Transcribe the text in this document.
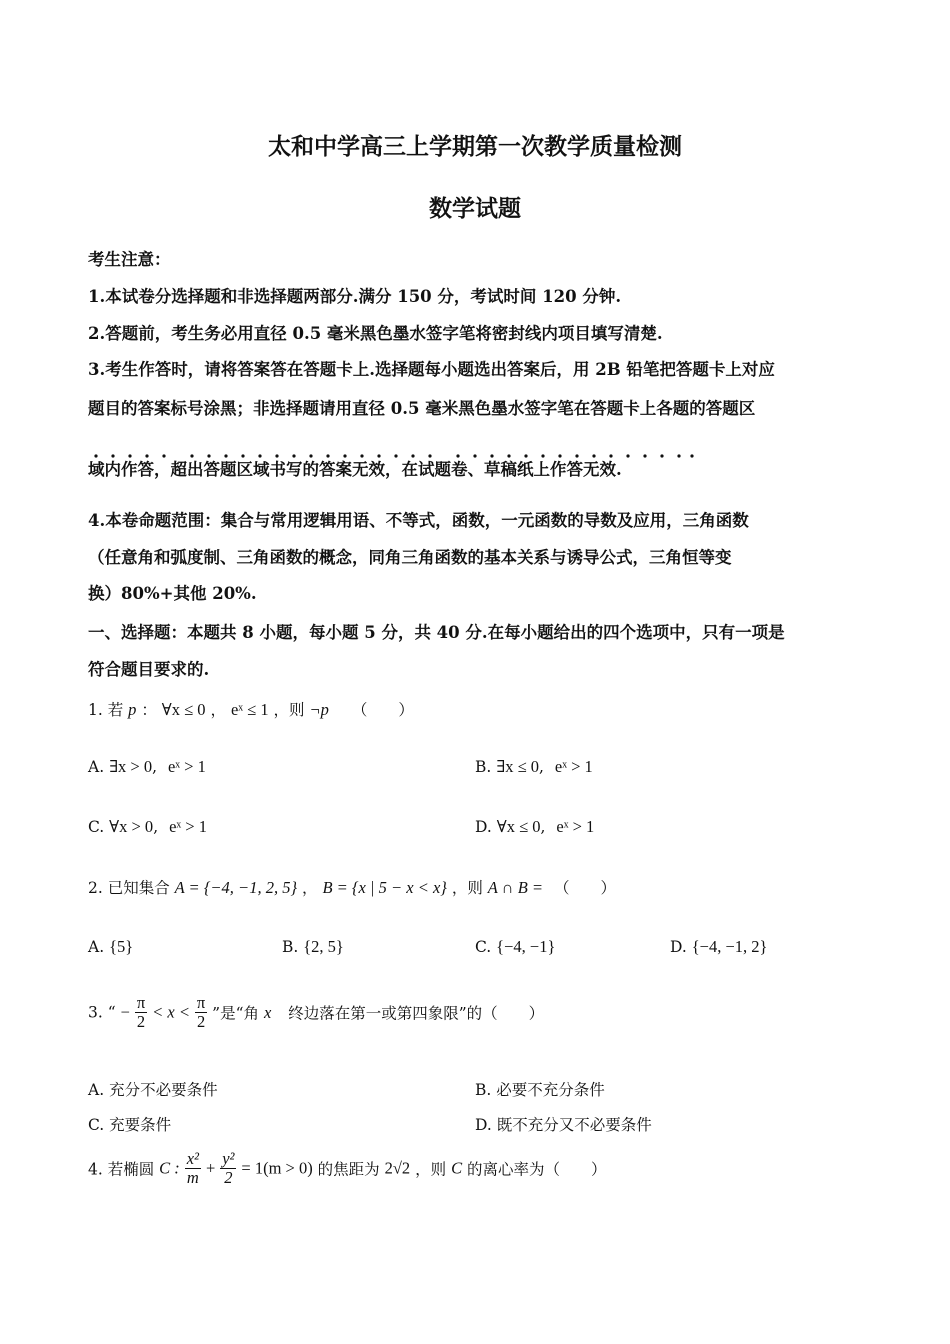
太和中学高三上学期第一次教学质量检测
数学试题
考生注意：
1.本试卷分选择题和非选择题两部分.满分 150 分，考试时间 120 分钟.
2.答题前，考生务必用直径 0.5 毫米黑色墨水签字笔将密封线内项目填写清楚.
3.考生作答时，请将答案答在答题卡上.选择题每小题选出答案后，用 2B 铅笔把答题卡上对应
题目的答案标号涂黑；非选择题请用直径 0.5 毫米黑色墨水签字笔在答题卡上各题的答题区
域内作答，超出答题区域书写的答案无效，在试题卷、草稿纸上作答无效.
4.本卷命题范围：集合与常用逻辑用语、不等式，函数，一元函数的导数及应用，三角函数
（任意角和弧度制、三角函数的概念，同角三角函数的基本关系与诱导公式，三角恒等变
换）80%+其他 20%.
一、选择题：本题共 8 小题，每小题 5 分，共 40 分.在每小题给出的四个选项中，只有一项是
符合题目要求的.
1. 若 p ： ∀x ≤ 0 ， eˣ ≤ 1 ，则 ¬p （　　）
A. ∃x > 0, eˣ > 1	B. ∃x ≤ 0, eˣ > 1
C. ∀x > 0, eˣ > 1	D. ∀x ≤ 0, eˣ > 1
2. 已知集合 A = {−4, −1, 2, 5} ， B = {x | 5 − x < x} ，则 A ∩ B = （　　）
A. {5}	B. {2, 5}	C. {−4, −1}	D. {−4, −1, 2}
3. “ − $\frac{\pi}{2} < x < \frac{\pi}{2}$ ”是“角 x 终边落在第一或第四象限”的（　　）
A. 充分不必要条件	B. 必要不充分条件
C. 充要条件	D. 既不充分又不必要条件
4. 若椭圆 C : $\frac{\text{x²}}{m} + \frac{\text{y²}}{2} = 1(m > 0)$ 的焦距为 2√2 ，则 C 的离心率为（　　）
